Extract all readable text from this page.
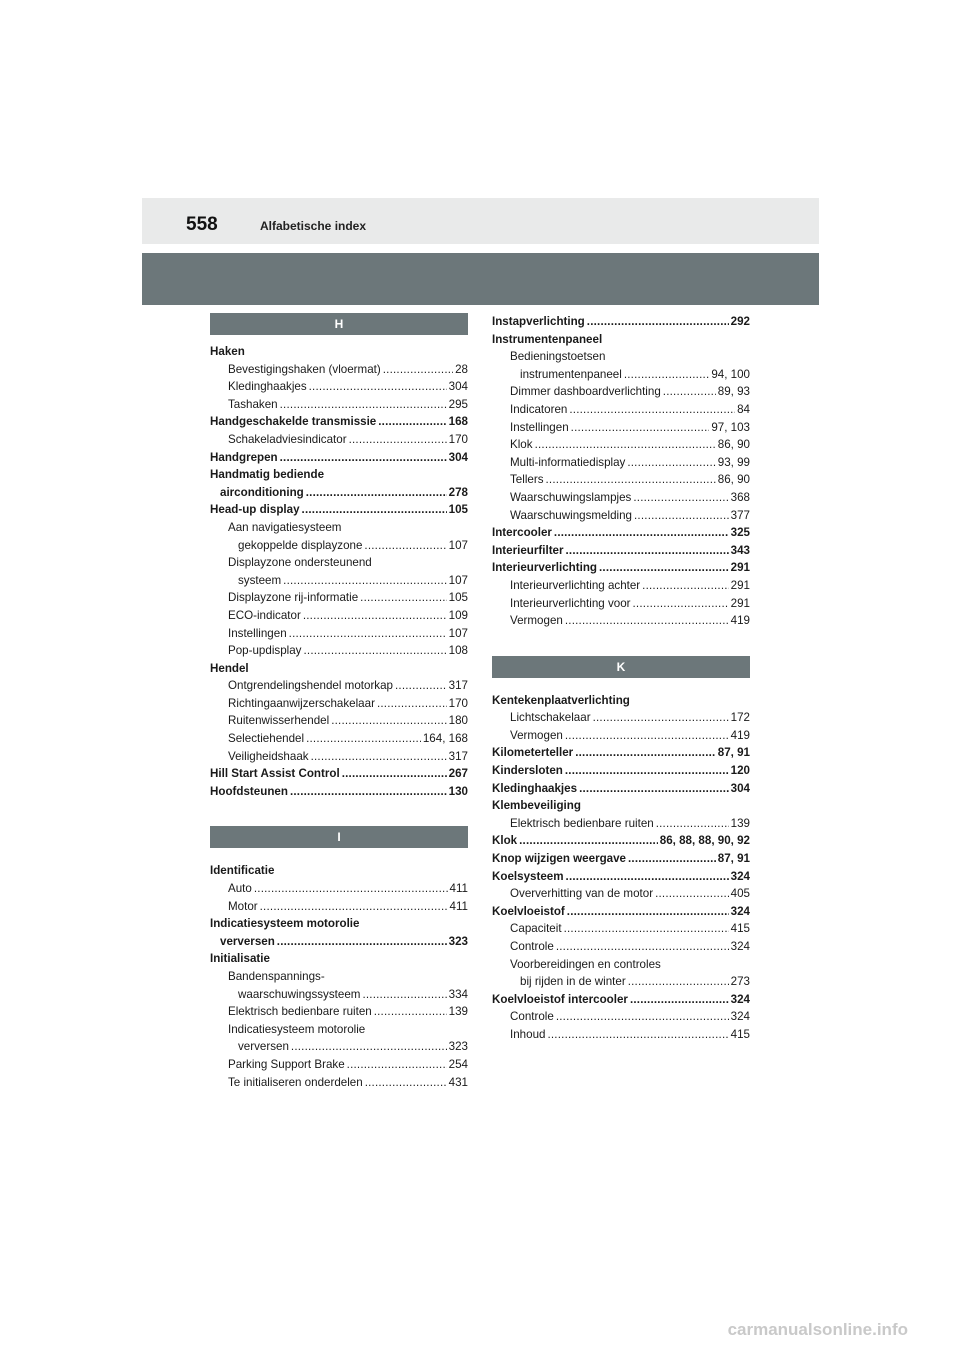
558	Alfabetische index
H
Haken
Bevestigingshaken (vloermat) .....	28
Kledinghaakjes .....	304
Tashaken .....	295
Handgeschakelde transmissie .....	168
Schakeladviesindicator .....	170
Handgrepen .....	304
Handmatig bediende
airconditioning .....	278
Head-up display .....	105
Aan navigatiesysteem
gekoppelde displayzone .....	107
Displayzone ondersteunend
systeem .....	107
Displayzone rij-informatie .....	105
ECO-indicator .....	109
Instellingen .....	107
Pop-updisplay .....	108
Hendel
Ontgrendelingshendel motorkap .....	317
Richtingaanwijzerschakelaar .....	170
Ruitenwisserhendel .....	180
Selectiehendel .....	164, 168
Veiligheidshaak .....	317
Hill Start Assist Control .....	267
Hoofdsteunen .....	130
I
Identificatie
Auto .....	411
Motor .....	411
Indicatiesysteem motorolie
verversen .....	323
Initialisatie
Bandenspannings-
waarschuwingssysteem .....	334
Elektrisch bedienbare ruiten .....	139
Indicatiesysteem motorolie
verversen .....	323
Parking Support Brake .....	254
Te initialiseren onderdelen .....	431
Instapverlichting .....	292
Instrumentenpaneel
Bedieningstoetsen
instrumentenpaneel .....	94, 100
Dimmer dashboardverlichting .....	89, 93
Indicatoren .....	84
Instellingen .....	97, 103
Klok .....	86, 90
Multi-informatiedisplay .....	93, 99
Tellers .....	86, 90
Waarschuwingslampjes .....	368
Waarschuwingsmelding .....	377
Intercooler .....	325
Interieurfilter .....	343
Interieurverlichting .....	291
Interieurverlichting achter .....	291
Interieurverlichting voor .....	291
Vermogen .....	419
K
Kentekenplaatverlichting
Lichtschakelaar .....	172
Vermogen .....	419
Kilometerteller .....	87, 91
Kindersloten .....	120
Kledinghaakjes .....	304
Klembeveiliging
Elektrisch bedienbare ruiten .....	139
Klok .....	86, 88, 88, 90, 92
Knop wijzigen weergave .....	87, 91
Koelsysteem .....	324
Oververhitting van de motor .....	405
Koelvloeistof .....	324
Capaciteit .....	415
Controle .....	324
Voorbereidingen en controles
bij rijden in de winter .....	273
Koelvloeistof intercooler .....	324
Controle .....	324
Inhoud .....	415
carmanualsonline.info
